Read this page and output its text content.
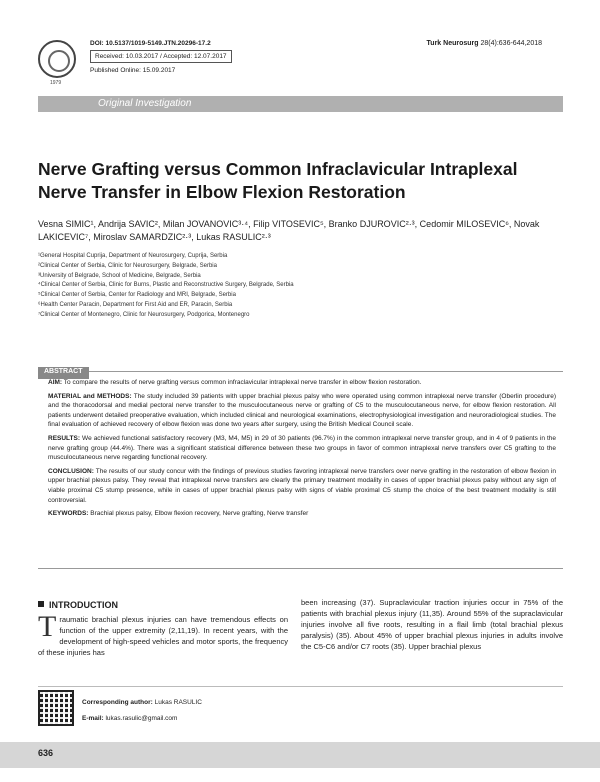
1979
DOI: 10.5137/1019-5149.JTN.20296-17.2
Received: 10.03.2017 / Accepted: 12.07.2017
Published Online: 15.09.2017
Turk Neurosurg 28(4):636-644,2018
Original Investigation
Nerve Grafting versus Common Infraclavicular Intraplexal Nerve Transfer in Elbow Flexion Restoration
Vesna SIMIC¹, Andrija SAVIC², Milan JOVANOVIC³·⁴, Filip VITOSEVIC⁵, Branko DJUROVIC²·³, Cedomir MILOSEVIC⁶, Novak LAKICEVIC⁷, Miroslav SAMARDZIC²·³, Lukas RASULIC²·³
¹General Hospital Cuprija, Department of Neurosurgery, Cuprija, Serbia
²Clinical Center of Serbia, Clinic for Neurosurgery, Belgrade, Serbia
³University of Belgrade, School of Medicine, Belgrade, Serbia
⁴Clinical Center of Serbia, Clinic for Burns, Plastic and Reconstructive Surgery, Belgrade, Serbia
⁵Clinical Center of Serbia, Center for Radiology and MRI, Belgrade, Serbia
⁶Health Center Paracin, Department for First Aid and ER, Paracin, Serbia
⁷Clinical Center of Montenegro, Clinic for Neurosurgery, Podgorica, Montenegro
ABSTRACT

AIM: To compare the results of nerve grafting versus common infraclavicular intraplexal nerve transfer in elbow flexion restoration.

MATERIAL and METHODS: The study included 39 patients with upper brachial plexus palsy who were operated using common intraplexal nerve transfer (Oberlin procedure) and the thoracodorsal and medial pectoral nerve transfer to the musculocutaneous nerve or grafting of C5 to the musculocutaneous nerve, for elbow flexion restoration. All patients underwent detailed preoperative evaluation, which included clinical and neurological examinations, electrophysiological investigation and neuroradiological studies. The final evaluation of achieved recovery of elbow flexion was done two years after surgery, using the British Medical Council scale.

RESULTS: We achieved functional satisfactory recovery (M3, M4, M5) in 29 of 30 patients (96.7%) in the common intraplexal nerve transfer group, and in 4 of 9 patients in the nerve grafting group (44.4%). There was a significant statistical difference between these two groups in favor of common intraplexal nerve transfers over C5 grafting to the musculocutaneous nerve regarding functional recovery.

CONCLUSION: The results of our study concur with the findings of previous studies favoring intraplexal nerve transfers over nerve grafting in the restoration of elbow flexion in upper brachial plexus palsy. They reveal that intraplexal nerve transfers are clearly the primary treatment modality in cases of upper brachial plexus palsy without any sign of viable proximal C5 stump presence, while in cases of upper brachial plexus palsy with signs of viable proximal C5 stump the choice of the best treatment modality is still controversial.

KEYWORDS: Brachial plexus palsy, Elbow flexion recovery, Nerve grafting, Nerve transfer

INTRODUCTION
Traumatic brachial plexus injuries can have tremendous effects on function of the upper extremity (2,11,19). In recent years, with the development of high-speed vehicles and motor sports, the frequency of these injuries has
been increasing (37). Supraclavicular traction injuries occur in 75% of the patients with brachial plexus injury (11,35). Around 55% of the supraclavicular injuries involve all five roots, resulting in a flail limb (total brachial plexus paralysis) (35). About 45% of upper brachial plexus injuries in adults involve the C5-C6 and/or C7 roots (35). Upper brachial plexus
Corresponding author: Lukas RASULIC
E-mail: lukas.rasulic@gmail.com
636
